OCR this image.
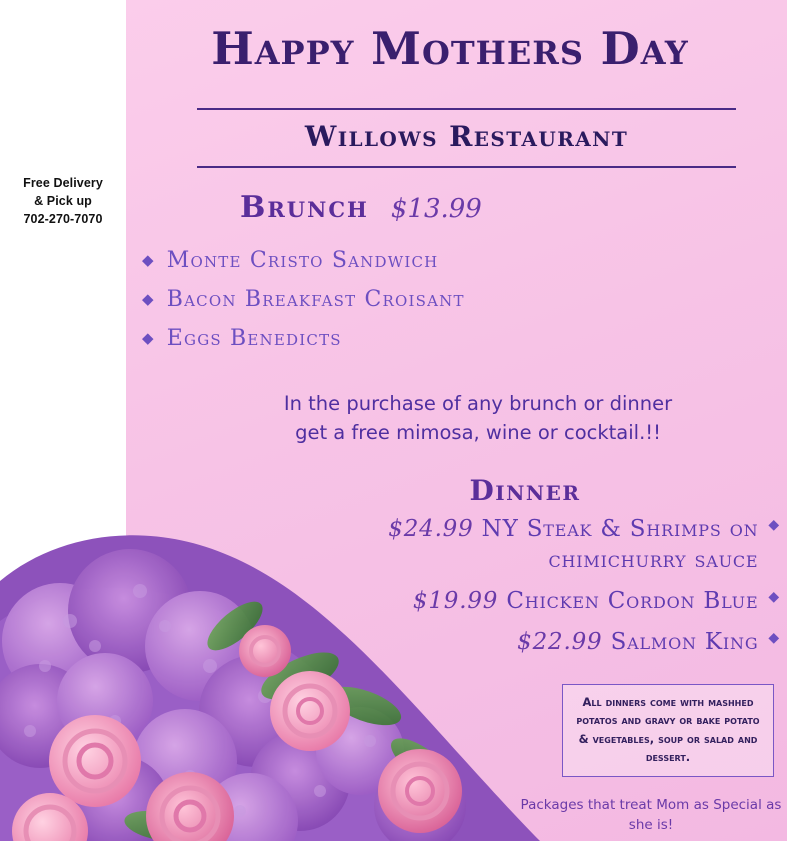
Free Delivery
& Pick up
702-270-7070
Happy Mothers Day
Willows Restaurant
Brunch $13.99
◆ Monte Cristo Sandwich
◆ Bacon Breakfast Croisant
◆ Eggs Benedicts
In the purchase of any brunch or dinner
get a free mimosa, wine or cocktail.!!
Dinner
$24.99 NY Steak & Shrimps on chimichurry sauce
◆
$19.99 Chicken Cordon Blue ◆
$22.99 Salmon King ◆
All dinners come with mashhed potatos and gravy or bake potato & vegetables, soup or salad and dessert.
Packages that treat Mom as Special as she is!
